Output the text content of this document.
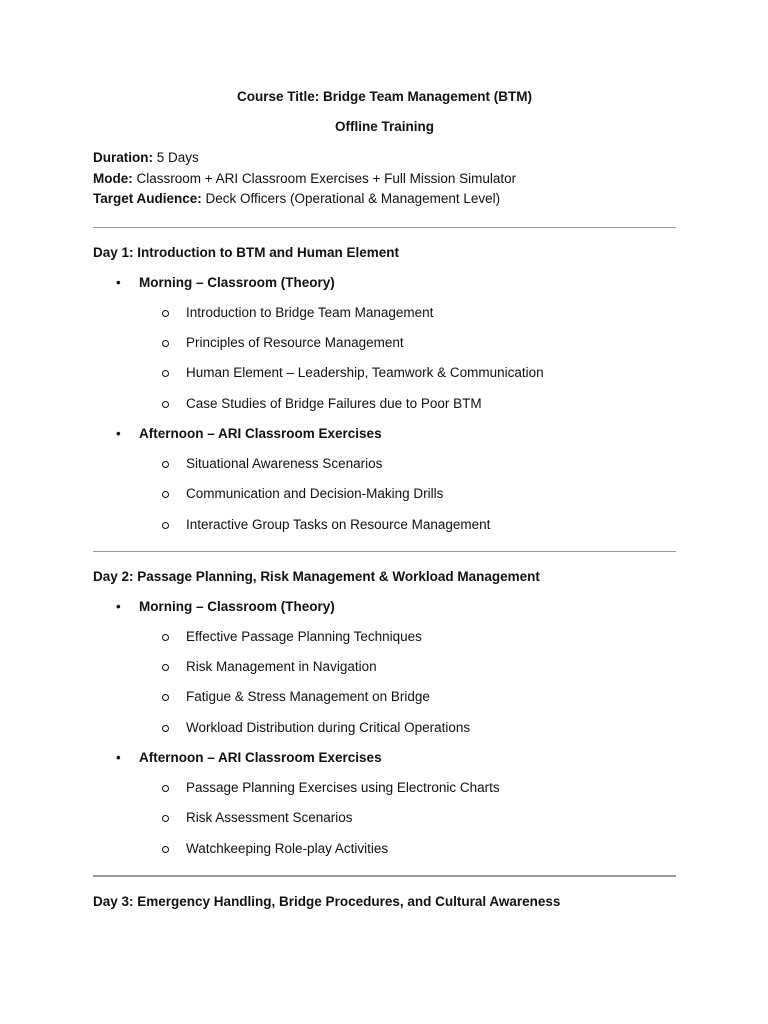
Course Title: Bridge Team Management (BTM)

Offline Training

Duration: 5 Days
Mode: Classroom + ARI Classroom Exercises + Full Mission Simulator
Target Audience: Deck Officers (Operational & Management Level)

Day 1: Introduction to BTM and Human Element

• Morning – Classroom (Theory)
Introduction to Bridge Team Management
Principles of Resource Management
Human Element – Leadership, Teamwork & Communication
Case Studies of Bridge Failures due to Poor BTM
• Afternoon – ARI Classroom Exercises
Situational Awareness Scenarios
Communication and Decision-Making Drills
Interactive Group Tasks on Resource Management

Day 2: Passage Planning, Risk Management & Workload Management

• Morning – Classroom (Theory)
Effective Passage Planning Techniques
Risk Management in Navigation
Fatigue & Stress Management on Bridge
Workload Distribution during Critical Operations
• Afternoon – ARI Classroom Exercises
Passage Planning Exercises using Electronic Charts
Risk Assessment Scenarios
Watchkeeping Role-play Activities

Day 3: Emergency Handling, Bridge Procedures, and Cultural Awareness
